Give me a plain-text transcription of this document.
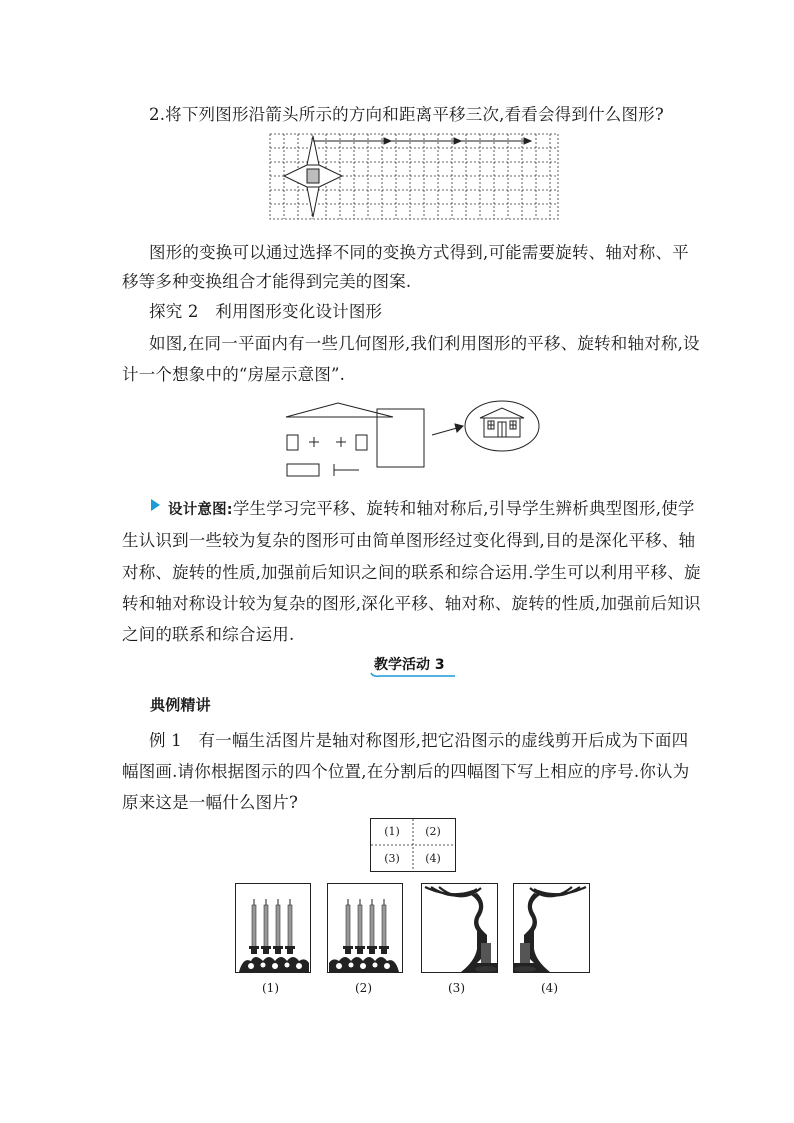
2.将下列图形沿箭头所示的方向和距离平移三次,看看会得到什么图形?
图形的变换可以通过选择不同的变换方式得到,可能需要旋转、轴对称、平
移等多种变换组合才能得到完美的图案.
探究 2　利用图形变化设计图形
如图,在同一平面内有一些几何图形,我们利用图形的平移、旋转和轴对称,设
计一个想象中的“房屋示意图”.
设计意图:学生学习完平移、旋转和轴对称后,引导学生辨析典型图形,使学
生认识到一些较为复杂的图形可由简单图形经过变化得到,目的是深化平移、轴
对称、旋转的性质,加强前后知识之间的联系和综合运用.学生可以利用平移、旋
转和轴对称设计较为复杂的图形,深化平移、轴对称、旋转的性质,加强前后知识
之间的联系和综合运用.
教学活动 3
典例精讲
例 1　有一幅生活图片是轴对称图形,把它沿图示的虚线剪开后成为下面四
幅图画.请你根据图示的四个位置,在分割后的四幅图下写上相应的序号.你认为
原来这是一幅什么图片?
(1)	(2)
(3)	(4)
(1)	(2)	(3)	(4)
